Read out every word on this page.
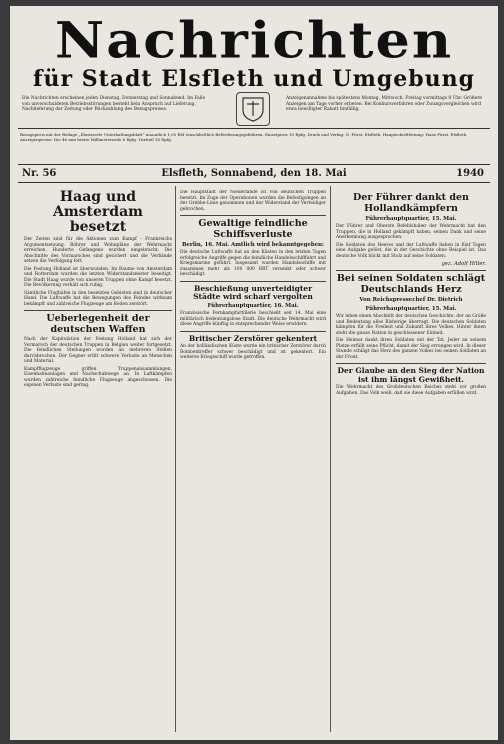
Nachrichten
für Stadt Elsfleth und Umgebung
Die Nachrichten erscheinen jeden Dienstag, Donnerstag und Sonnabend. Im Falle von unverschuldeten Betriebsstörungen besteht kein Anspruch auf Lieferung, Nachlieferung der Zeitung oder Rückzahlung des Bezugspreises.
Anzeigenannahme bis spätestens Montag, Mittwoch, Freitag vormittags 9 Uhr. Größere Anzeigen am Tage vorher erbeten. Bei Konkursverfahren oder Zwangsvergleichen wird etwa bewilligter Rabatt hinfällig.
Bezugspreis mit der Beilage „Illustrierte Unterhaltungsblatt“ monatlich 1,05 RM einschließlich Beförderungsgebühren. Einzelpreis 10 Rpfg. Druck und Verlag: G. Fürst, Elsfleth. Hauptschriftleitung: Hans Fürst, Elsfleth. Anzeigenpreise: Die 46 mm breite Millimeterzeile 6 Rpfg. Textteil 18 Rpfg.
Nr. 56	Elsfleth, Sonnabend, den 18. Mai	1940
Haag und Amsterdam besetzt

Der Zeiten sind für die Aktionen zum Kampf - Frankreichs Argumentsetzung. Röhrer und Wohnpläne der Wehrmacht erreichen. Hunderte Gefangene wurden eingebracht. Die Abschnitte des Vormarsches sind gesichert und die Verbände setzen die Verfolgung fort.

Die Festung Holland ist überwunden. Im Raume von Amsterdam und Rotterdam wurden die letzten Widerstandsnester beseitigt. Die Stadt Haag wurde von unseren Truppen ohne Kampf besetzt. Die Bevölkerung verhält sich ruhig.

Sämtliche Flughäfen in den besetzten Gebieten sind in deutscher Hand. Die Luftwaffe hat die Bewegungen des Feindes wirksam bekämpft und zahlreiche Flugzeuge am Boden zerstört.

Ueberlegenheit der deutschen Waffen

Nach der Kapitulation der Festung Holland hat sich der Vormarsch der deutschen Truppen in Belgien weiter fortgesetzt. Die feindlichen Stellungen wurden an mehreren Stellen durchbrochen. Der Gegner erlitt schwere Verluste an Menschen und Material.

Kampfflugzeuge griffen Truppenansammlungen, Eisenbahnanlagen und Nachschubwege an. In Luftkämpfen wurden zahlreiche feindliche Flugzeuge abgeschossen. Die eigenen Verluste sind gering.

Die Hauptstadt der Niederlande ist von deutschen Truppen besetzt. Im Zuge der Operationen wurden die Befestigungen an der Grebbe-Linie genommen und der Widerstand der Verteidiger gebrochen.

Gewaltige feindliche Schiffsverluste

Berlin, 16. Mai. Amtlich wird bekanntgegeben:

Die deutsche Luftwaffe hat an den Küsten in den letzten Tagen erfolgreiche Angriffe gegen die feindliche Handelsschifffahrt und Kriegsmarine geführt. Insgesamt wurden Handelsschiffe mit zusammen mehr als 100 000 BRT versenkt oder schwer beschädigt.

Beschießung unverteidigter Städte wird scharf vergolten

Führerhauptquartier, 16. Mai.

Französische Fernkampfartillerie beschießt seit 14. Mai eine militärisch bedeutungslose Stadt. Die deutsche Wehrmacht wird diese Angriffe künftig in entsprechender Weise erwidern.

Britischer Zerstörer gekentert

An der holländischen Küste wurde ein britischer Zerstörer durch Bombentreffer schwer beschädigt und ist gekentert. Ein weiteres Kriegsschiff wurde getroffen.

Der Führer dankt den Hollandkämpfern

Führerhauptquartier, 15. Mai.

Der Führer und Oberste Befehlshaber der Wehrmacht hat den Truppen, die in Holland gekämpft haben, seinen Dank und seine Anerkennung ausgesprochen.

Die Soldaten des Heeres und der Luftwaffe haben in fünf Tagen eine Aufgabe gelöst, die in der Geschichte ohne Beispiel ist. Das deutsche Volk blickt mit Stolz auf seine Soldaten.

gez. Adolf Hitler.

Bei seinen Soldaten schlägt Deutschlands Herz

Von Reichspressechef Dr. Dietrich

Führerhauptquartier, 15. Mai.

Wir leben einen Abschnitt der deutschen Geschichte, der an Größe und Bedeutung alles Bisherige überragt. Die deutschen Soldaten kämpfen für die Freiheit und Zukunft ihres Volkes. Hinter ihnen steht die ganze Nation in geschlossener Einheit.

Die Heimat dankt ihren Soldaten mit der Tat. Jeder an seinem Platze erfüllt seine Pflicht, damit der Sieg errungen wird. In dieser Stunde schlägt das Herz des ganzen Volkes bei seinen Soldaten an der Front.

Der Glaube an den Sieg der Nation ist ihm längst Gewißheit.

Die Wehrmacht des Großdeutschen Reiches steht vor großen Aufgaben. Das Volk weiß, daß sie diese Aufgaben erfüllen wird.
